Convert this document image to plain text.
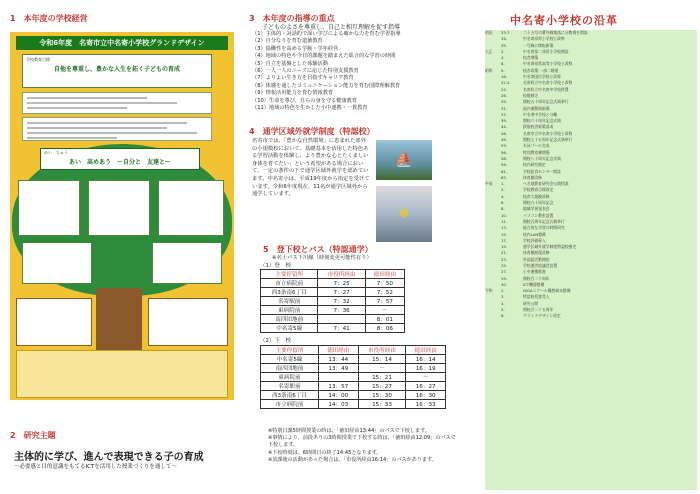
1　本年度の学校経営
令和6年度　名寄市立中名寄小学校グランドデザイン
学校教育目標
自他を尊重し、豊かな人生を拓く子どもの育成
めい　ちゅう
あい　高めあう　～自分と　友達と～
2　研究主題
主体的に学び、進んで表現できる子の育成
～必要感と目的意識をもてるICTを活用した授業づくりを通して～
3　本年度の指導の重点
子どものよさを尊重し、自己と相互理解を促す指導
（1）主体的・対話的で深い学びによる確かな力を育む学習指導
（2）自分なりを育む道徳教育
（3）協働性を高める学級・学年経営
（4）地域の特色や今日的課題を踏まえた総合的な学習の時間
（5）自立を基盤とした体験活動
（6）一人一人のニーズに応じた特別支援教育
（7）よりよい生き方を目指すキャリア教育
（8）体感を通したコミュニケーション能力を育む国際理解教育
（9）情報活用能力を育む情報教育
（10）生命を尊び、自らの身を守る健康教育
（11）地域の特色を生かした小中連携・一貫教育
4　通学区域外就学制度（特認校）
名寄市では、「豊かな自然環境」に恵まれた郊外の小規模校において、基礎基本を活用した特色ある学習活動を体験し、より豊かな心とたくましい身体を育てたい」という希望がある場合において、一定の条件の下で通学区域外就学を認めています。中名寄小は、平成19年度から指定を受けています。令和6年度現在、11名が通学区域外から通学しています。
⛵
❄
5　登下校とバス（特認通学）
※名士バス下川線（時刻変更可能性有り）
（1）登　校
主要停留所	市役所経由	徳田経由
市立病院前	7：25	7：50
西3条南6丁目	7：27	7：52
名寄駅前	7：32	7：57
東病院前	7：36	－
南四団地前		8：01
中名寄5線	7：41	8：06
（2）下　校
主要停留所	徳田経由	市役所経由	徳田経由
中名寄5線	13：44	15：14	16：14
南四団地前	13：49	－	16：19
東病院前		15：21	－
名寄駅前	13：57	15：27	16：27
西3条南6丁目	14：00	15：30	16：30
市立病院前	14：03	15：33	16：33
※特別日課5時間授業の時は、「徳田経由13:44」のバスで下校します。
※事情により、前段ありの3時間授業で下校する時は、「徳田経由12:09」のバスで下校します。
※下校時刻は、6時間日の終了14:45となります。
※放課後の活動があった場合は、「市役所経由16:14」のバスがあります。
中名寄小学校の沿革
明治	33.7	二十五号の番外線集落に分教場を開設
34.	中名寄尋常小学校と改称
35.	一号線に移転新築
大正	2.	中名寄第二尋常小学校開設
4.	校舎増築
8.	中名寄尋常高等小学校と改称
昭和	5.	校舎改築 一部二階建
16.	中名寄国民学校と改称
22.4	名寄町立中名寄小学校と改称
24.	名寄町立中名寄中学校併置
26.	校歌制定
29.	開校五十周年記念式典挙行
31.	屋内運動場新築
37.	中名寄中学校と分離
39.	開校六十周年記念式典
44.	鉄筋校舎新築落成
46.	名寄市立中名寄小学校と改称
49.	開校七十五周年記念式典挙行
53.	水泳プール完成
56.	特別教室棟増築
58.	開校八十周年記念式典
59.	校内研究指定
61.	学校給食センター開設
63.	体育館改修
平成	1.	へき地教育研究会公開授業
2.	学校教育目標改定
4.	校舎大規模改修
6.	開校九十周年記念
8.	地域学習発表会
10.	パソコン教室設置
11.	開校百周年記念式典挙行
13.	総合的な学習の時間研究
15.	校内LAN整備
17.	学校評価導入
19.	通学区域外就学制度特認校指定
21.	体育館耐震改修
23.	外国語活動開始
25.	学校運営協議会設置
27.	小中連携推進
29.	開校百二十周年
30.	ICT機器整備
令和	2.	GIGAスクール構想端末整備
3.	特認校児童受入
4.	研究公開
5.	開校百二十五周年
6.	グランドデザイン改定
